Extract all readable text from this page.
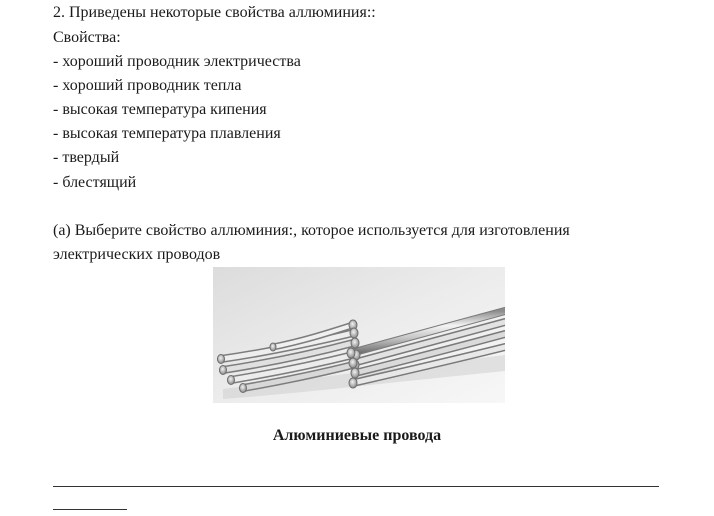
2. Приведены некоторые свойства аллюминия::
Свойства:
- хороший проводник электричества
- хороший проводник тепла
- высокая температура кипения
- высокая температура плавления
- твердый
- блестящий
(а) Выберите свойство аллюминия:, которое используется для изготовления
электрических проводов
Алюминиевые провода
